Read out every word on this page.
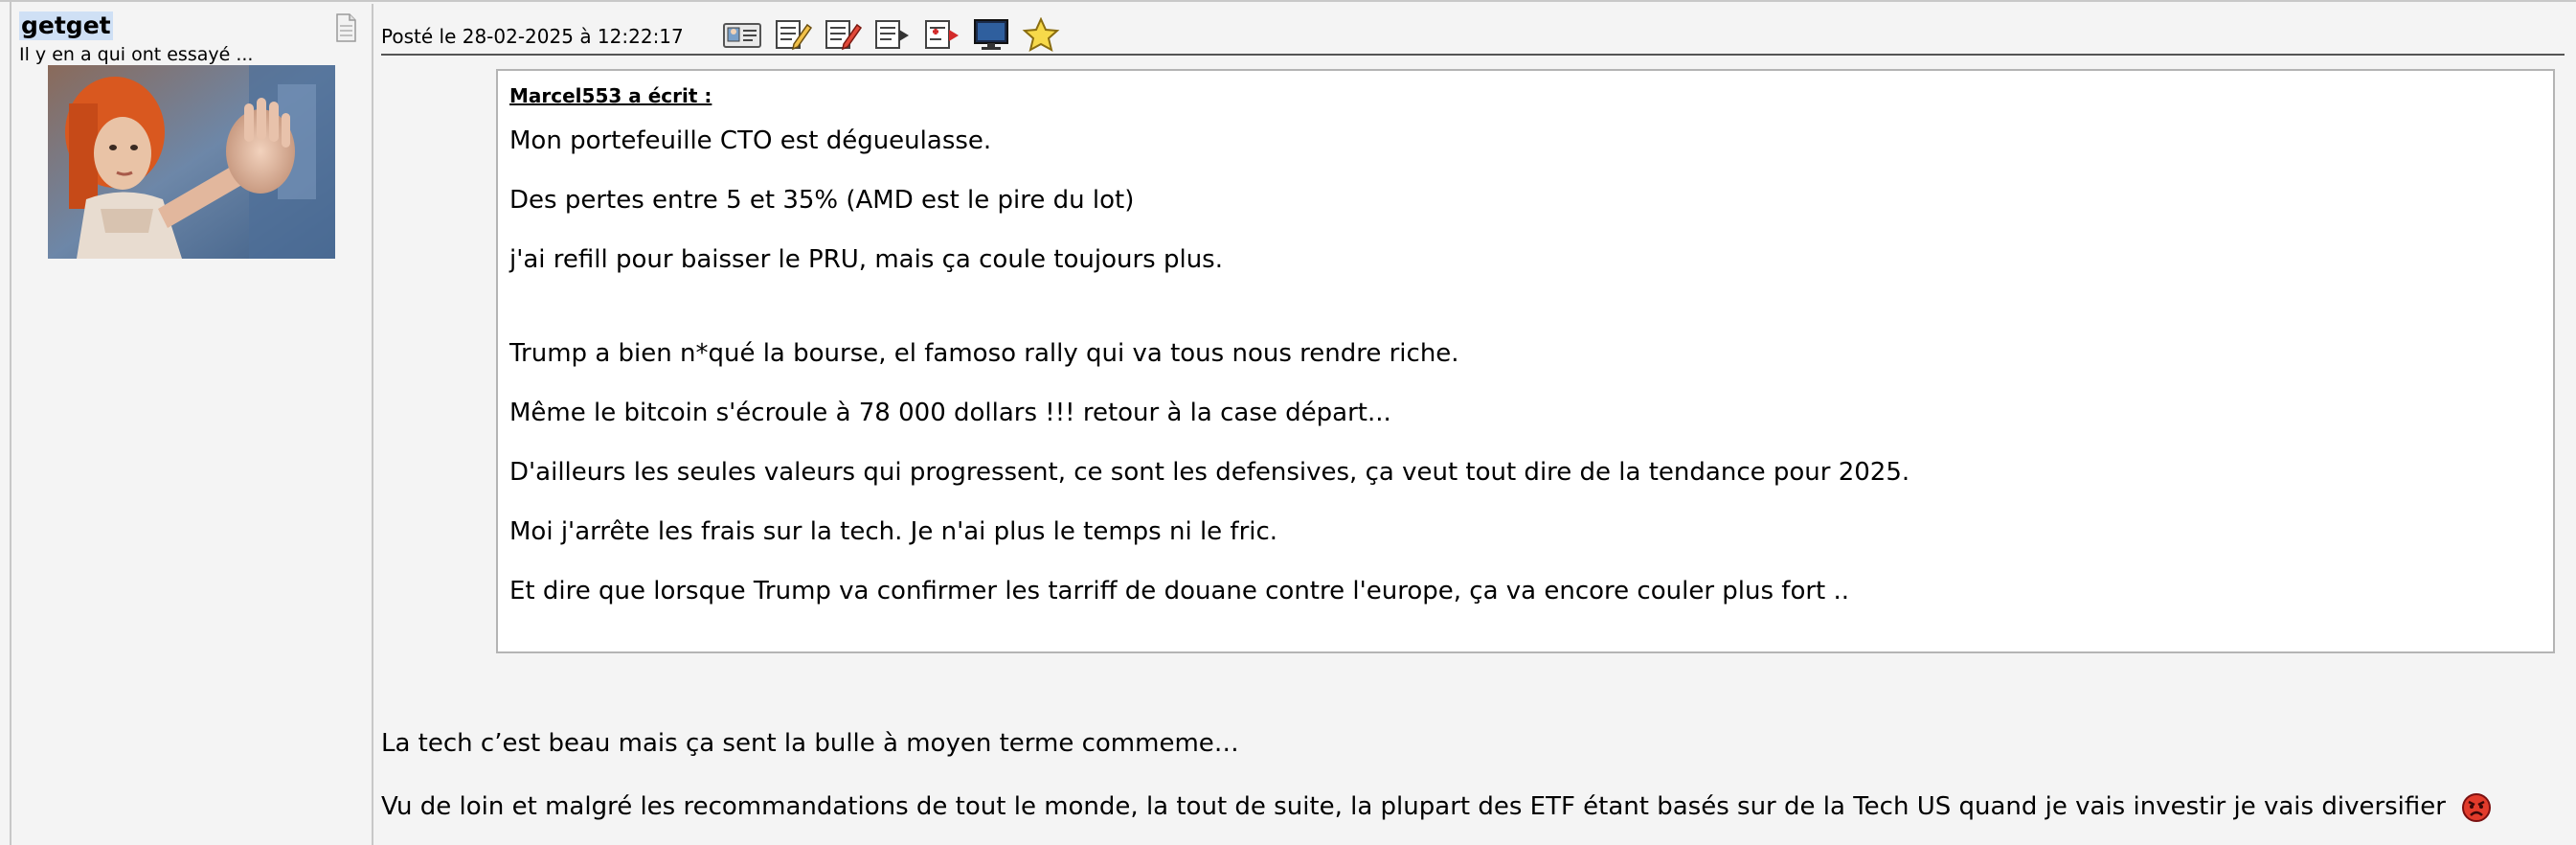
getget
Il y en a qui ont essayé ...
Posté le 28-02-2025 à 12:22:17
Marcel553 a écrit :
Mon portefeuille CTO est dégueulasse.
Des pertes entre 5 et 35% (AMD est le pire du lot)
j'ai refill pour baisser le PRU, mais ça coule toujours plus.
Trump a bien n*qué la bourse, el famoso rally qui va tous nous rendre riche.
Même le bitcoin s'écroule à 78 000 dollars !!! retour à la case départ...
D'ailleurs les seules valeurs qui progressent, ce sont les defensives, ça veut tout dire de la tendance pour 2025.
Moi j'arrête les frais sur la tech. Je n'ai plus le temps ni le fric.
Et dire que lorsque Trump va confirmer les tarriff de douane contre l'europe, ça va encore couler plus fort ..
La tech c’est beau mais ça sent la bulle à moyen terme commeme…
Vu de loin et malgré les recommandations de tout le monde, la tout de suite, la plupart des ETF étant basés sur de la Tech US quand je vais investir je vais diversifier
